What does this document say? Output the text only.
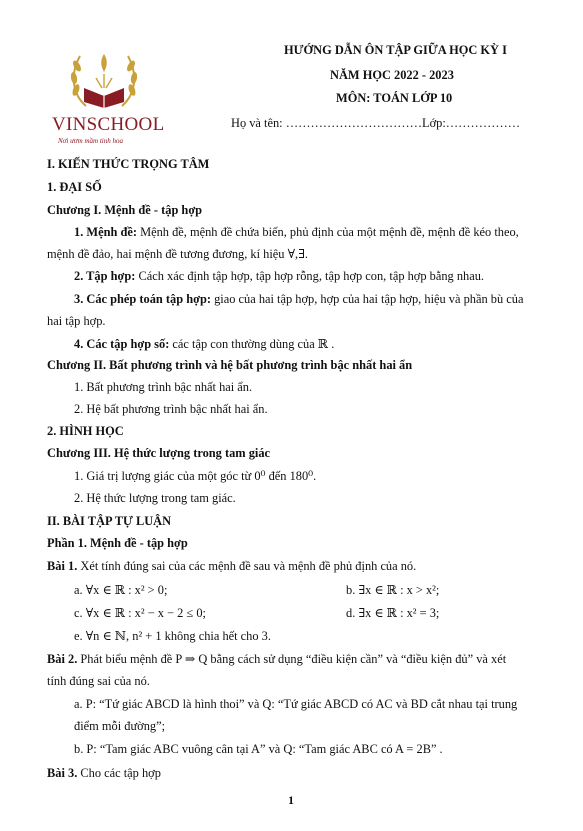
VINSCHOOL
Nơi ươm mầm tinh hoa
HƯỚNG DẪN ÔN TẬP GIỮA HỌC KỲ I
NĂM HỌC 2022 - 2023
MÔN: TOÁN LỚP 10
Họ và tên: ……………………………Lớp:………………
I. KIẾN THỨC TRỌNG TÂM
1. ĐẠI SỐ
Chương I. Mệnh đề - tập hợp
1. Mệnh đề: Mệnh đề, mệnh đề chứa biến, phủ định của một mệnh đề, mệnh đề kéo theo,
mệnh đề đảo, hai mệnh đề tương đương, kí hiệu ∀,∃.
2. Tập hợp: Cách xác định tập hợp, tập hợp rỗng, tập hợp con, tập hợp bằng nhau.
3. Các phép toán tập hợp: giao của hai tập hợp, hợp của hai tập hợp, hiệu và phần bù của
hai tập hợp.
4. Các tập hợp số: các tập con thường dùng của ℝ .
Chương II. Bất phương trình và hệ bất phương trình bậc nhất hai ẩn
1. Bất phương trình bậc nhất hai ẩn.
2. Hệ bất phương trình bậc nhất hai ẩn.
2. HÌNH HỌC
Chương III. Hệ thức lượng trong tam giác
1. Giá trị lượng giác của một góc từ 0⁰ đến 180⁰.
2. Hệ thức lượng trong tam giác.
II. BÀI TẬP TỰ LUẬN
Phần 1. Mệnh đề - tập hợp
Bài 1. Xét tính đúng sai của các mệnh đề sau và mệnh đề phủ định của nó.
a. ∀x ∈ ℝ : x² > 0;	b. ∃x ∈ ℝ : x > x²;
c. ∀x ∈ ℝ : x² − x − 2 ≤ 0;	d. ∃x ∈ ℝ : x² = 3;
e. ∀n ∈ ℕ, n² + 1 không chia hết cho 3.
Bài 2. Phát biểu mệnh đề P ⇒ Q bằng cách sử dụng “điều kiện cần” và “điều kiện đủ” và xét
tính đúng sai của nó.
a. P: “Tứ giác ABCD là hình thoi” và Q: “Tứ giác ABCD có AC và BD cắt nhau tại trung
điểm mỗi đường”;
b. P: “Tam giác ABC vuông cân tại A” và Q: “Tam giác ABC có A = 2B” .
Bài 3. Cho các tập hợp
1
